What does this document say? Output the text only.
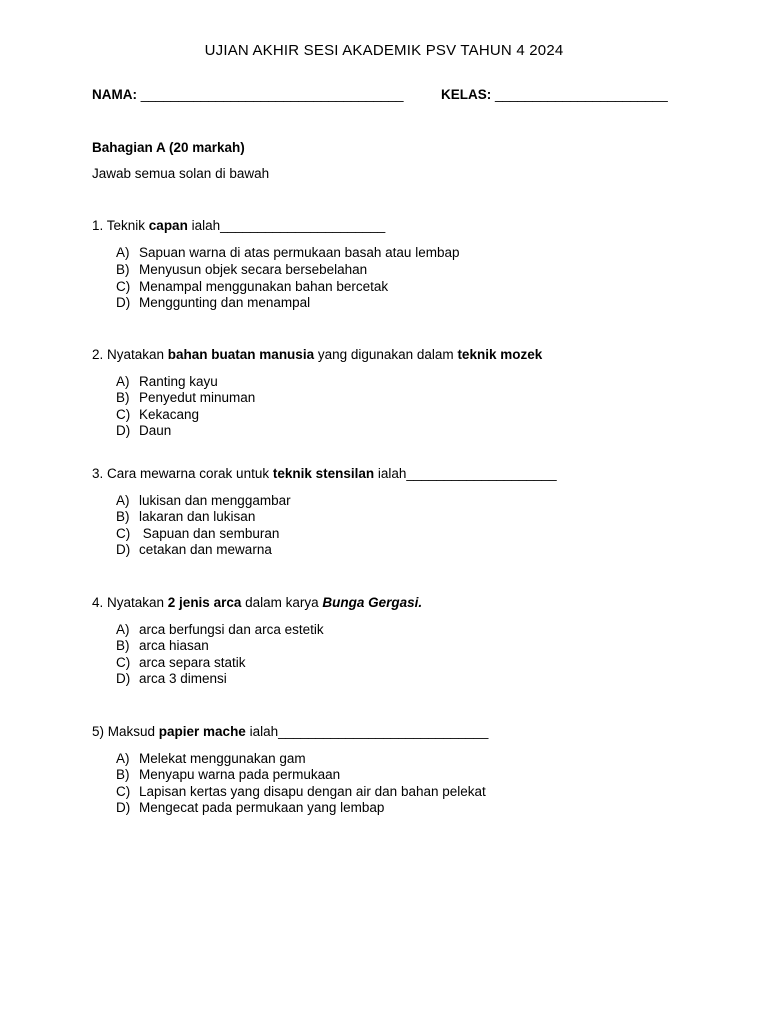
UJIAN AKHIR SESI AKADEMIK PSV TAHUN 4 2024
NAMA: ___________________________________	KELAS: _______________________
Bahagian A (20 markah)
Jawab semua solan di bawah
1. Teknik capan ialah______________________
A) Sapuan warna di atas permukaan basah atau lembap
B) Menyusun objek secara bersebelahan
C) Menampal menggunakan bahan bercetak
D) Menggunting dan menampal
2. Nyatakan bahan buatan manusia yang digunakan dalam teknik mozek
A) Ranting kayu
B) Penyedut minuman
C) Kekacang
D) Daun
3. Cara mewarna corak untuk teknik stensilan ialah____________________
A) lukisan dan menggambar
B) lakaran dan lukisan
C) Sapuan dan semburan
D) cetakan dan mewarna
4. Nyatakan 2 jenis arca dalam karya Bunga Gergasi.
A) arca berfungsi dan arca estetik
B) arca hiasan
C) arca separa statik
D) arca 3 dimensi
5) Maksud papier mache ialah____________________________
A) Melekat menggunakan gam
B) Menyapu warna pada permukaan
C) Lapisan kertas yang disapu dengan air dan bahan pelekat
D) Mengecat pada permukaan yang lembap
